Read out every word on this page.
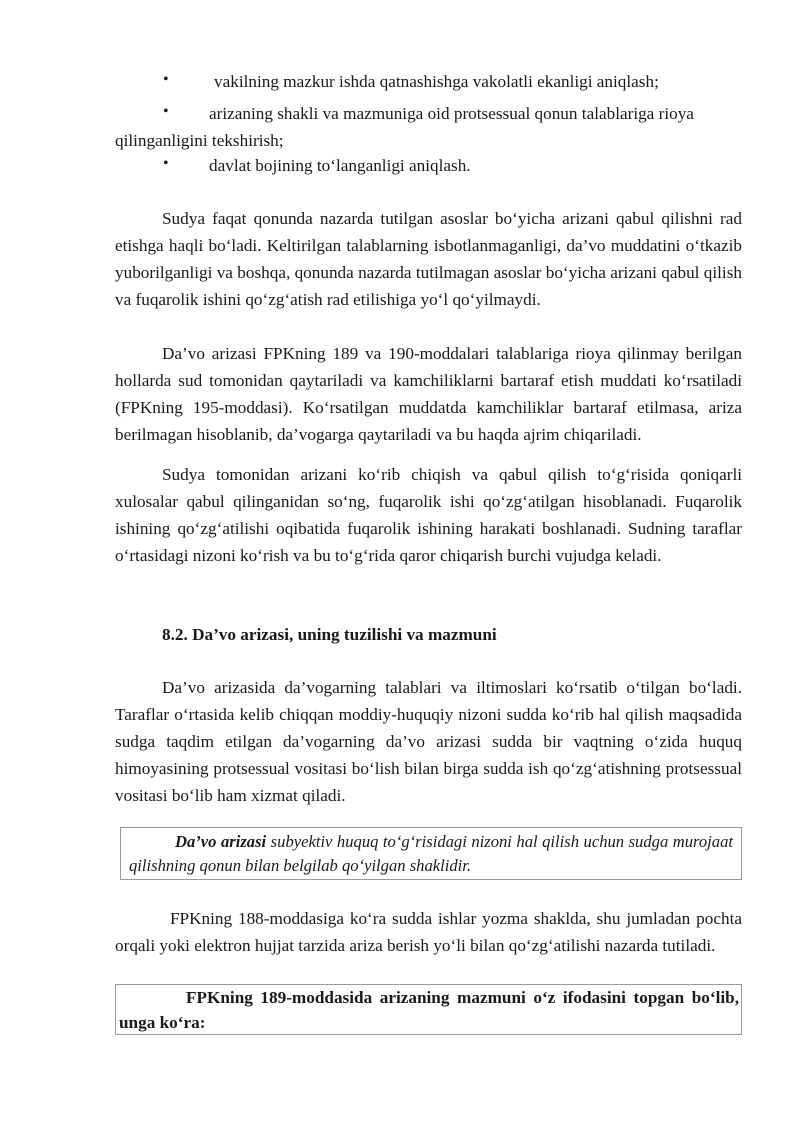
•	vakilning mazkur ishda qatnashishga vakolatli ekanligi aniqlash;
• arizaning shakli va mazmuniga oid protsessual qonun talablariga rioya
qilinganligini tekshirish;
• davlat bojining toʻlanganligi aniqlash.

Sudya faqat qonunda nazarda tutilgan asoslar boʻyicha arizani qabul qilishni rad etishga haqli boʻladi. Keltirilgan talablarning isbotlanmaganligi, da’vo muddatini oʻtkazib yuborilganligi va boshqa, qonunda nazarda tutilmagan asoslar boʻyicha arizani qabul qilish va fuqarolik ishini qoʻzgʻatish rad etilishiga yoʻl qoʻyilmaydi.

Da’vo arizasi FPKning 189 va 190-moddalari talablariga rioya qilinmay berilgan hollarda sud tomonidan qaytariladi va kamchiliklarni bartaraf etish muddati koʻrsatiladi (FPKning 195-moddasi). Koʻrsatilgan muddatda kamchiliklar bartaraf etilmasa, ariza berilmagan hisoblanib, da’vogarga qaytariladi va bu haqda ajrim chiqariladi.

Sudya tomonidan arizani koʻrib chiqish va qabul qilish toʻgʻrisida qoniqarli xulosalar qabul qilinganidan soʻng, fuqarolik ishi qoʻzgʻatilgan hisoblanadi. Fuqarolik ishining qoʻzgʻatilishi oqibatida fuqarolik ishining harakati boshlanadi. Sudning taraflar oʻrtasidagi nizoni koʻrish va bu toʻgʻrida qaror chiqarish burchi vujudga keladi.

8.2. Da’vo arizasi, uning tuzilishi va mazmuni

Da’vo arizasida da’vogarning talablari va iltimoslari koʻrsatib oʻtilgan boʻladi. Taraflar oʻrtasida kelib chiqqan moddiy-huquqiy nizoni sudda koʻrib hal qilish maqsadida sudga taqdim etilgan da’vogarning da’vo arizasi sudda bir vaqtning oʻzida huquq himoyasining protsessual vositasi boʻlish bilan birga sudda ish qoʻzgʻatishning protsessual vositasi boʻlib ham xizmat qiladi.

Da’vo arizasi subyektiv huquq toʻgʻrisidagi nizoni hal qilish uchun sudga murojaat qilishning qonun bilan belgilab qoʻyilgan shaklidir.

FPKning 188-moddasiga koʻra sudda ishlar yozma shaklda, shu jumladan pochta orqali yoki elektron hujjat tarzida ariza berish yoʻli bilan qoʻzgʻatilishi nazarda tutiladi.

FPKning 189-moddasida arizaning mazmuni oʻz ifodasini topgan boʻlib, unga koʻra:
